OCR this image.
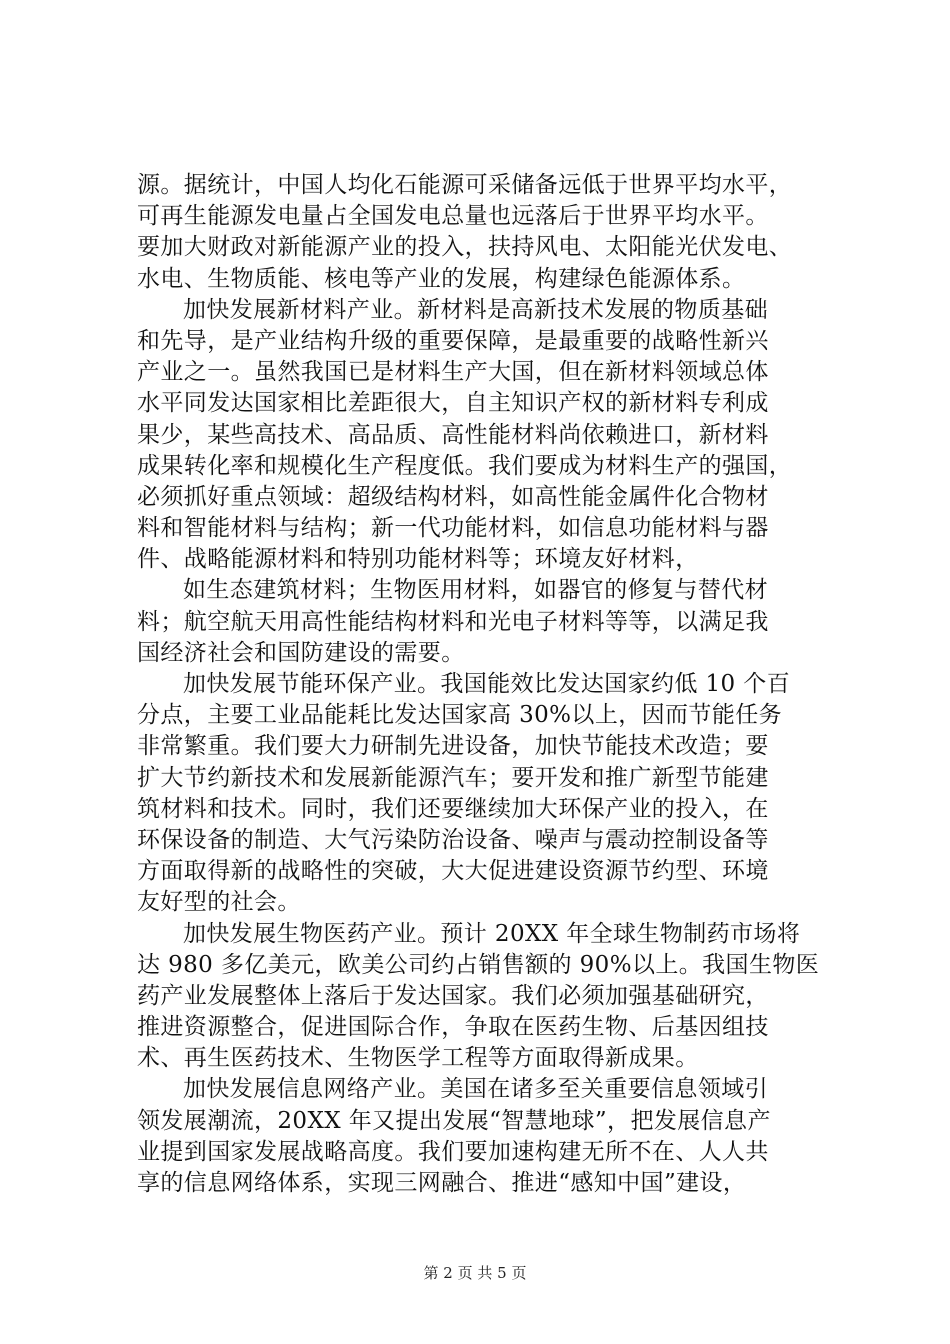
源。据统计，中国人均化石能源可采储备远低于世界平均水平，
可再生能源发电量占全国发电总量也远落后于世界平均水平。
要加大财政对新能源产业的投入，扶持风电、太阳能光伏发电、
水电、生物质能、核电等产业的发展，构建绿色能源体系。
加快发展新材料产业。新材料是高新技术发展的物质基础
和先导，是产业结构升级的重要保障，是最重要的战略性新兴
产业之一。虽然我国已是材料生产大国，但在新材料领域总体
水平同发达国家相比差距很大，自主知识产权的新材料专利成
果少，某些高技术、高品质、高性能材料尚依赖进口，新材料
成果转化率和规模化生产程度低。我们要成为材料生产的强国，
必须抓好重点领域：超级结构材料，如高性能金属件化合物材
料和智能材料与结构；新一代功能材料，如信息功能材料与器
件、战略能源材料和特别功能材料等；环境友好材料，
如生态建筑材料；生物医用材料，如器官的修复与替代材
料；航空航天用高性能结构材料和光电子材料等等，以满足我
国经济社会和国防建设的需要。
加快发展节能环保产业。我国能效比发达国家约低 10 个百
分点，主要工业品能耗比发达国家高 30%以上，因而节能任务
非常繁重。我们要大力研制先进设备，加快节能技术改造；要
扩大节约新技术和发展新能源汽车；要开发和推广新型节能建
筑材料和技术。同时，我们还要继续加大环保产业的投入，在
环保设备的制造、大气污染防治设备、噪声与震动控制设备等
方面取得新的战略性的突破，大大促进建设资源节约型、环境
友好型的社会。
加快发展生物医药产业。预计 20XX 年全球生物制药市场将
达 980 多亿美元，欧美公司约占销售额的 90%以上。我国生物医
药产业发展整体上落后于发达国家。我们必须加强基础研究，
推进资源整合，促进国际合作，争取在医药生物、后基因组技
术、再生医药技术、生物医学工程等方面取得新成果。
加快发展信息网络产业。美国在诸多至关重要信息领域引
领发展潮流，20XX 年又提出发展“智慧地球”，把发展信息产
业提到国家发展战略高度。我们要加速构建无所不在、人人共
享的信息网络体系，实现三网融合、推进“感知中国”建设，
第 2 页 共 5 页
